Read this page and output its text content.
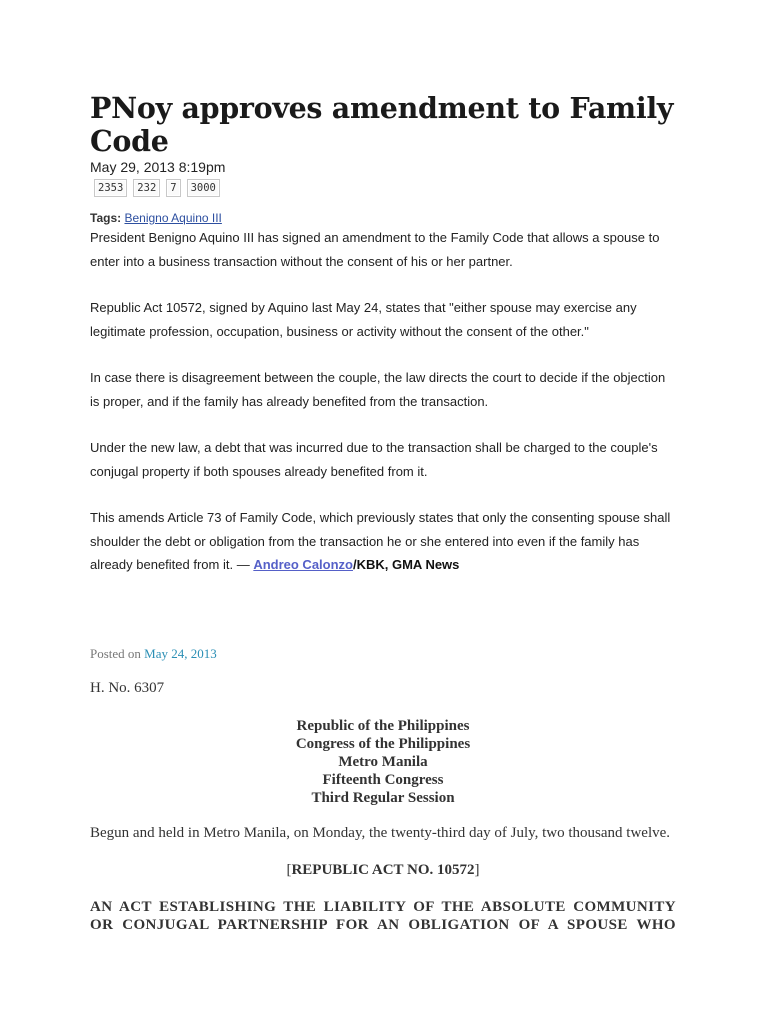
PNoy approves amendment to Family Code
May 29, 2013 8:19pm
2353	232	7	3000
Tags: Benigno Aquino III

President Benigno Aquino III has signed an amendment to the Family Code that allows a spouse to enter into a business transaction without the consent of his or her partner.

Republic Act 10572, signed by Aquino last May 24, states that "either spouse may exercise any legitimate profession, occupation, business or activity without the consent of the other."

In case there is disagreement between the couple, the law directs the court to decide if the objection is proper, and if the family has already benefited from the transaction.

Under the new law, a debt that was incurred due to the transaction shall be charged to the couple's conjugal property if both spouses already benefited from it.

This amends Article 73 of Family Code, which previously states that only the consenting spouse shall shoulder the debt or obligation from the transaction he or she entered into even if the family has already benefited from it. — Andreo Calonzo/KBK, GMA News

Posted on May 24, 2013
H. No. 6307
Republic of the Philippines
Congress of the Philippines
Metro Manila
Fifteenth Congress
Third Regular Session
Begun and held in Metro Manila, on Monday, the twenty-third day of July, two thousand twelve.
[REPUBLIC ACT NO. 10572]
AN ACT ESTABLISHING THE LIABILITY OF THE ABSOLUTE COMMUNITY OR CONJUGAL PARTNERSHIP FOR AN OBLIGATION OF A SPOUSE WHO
